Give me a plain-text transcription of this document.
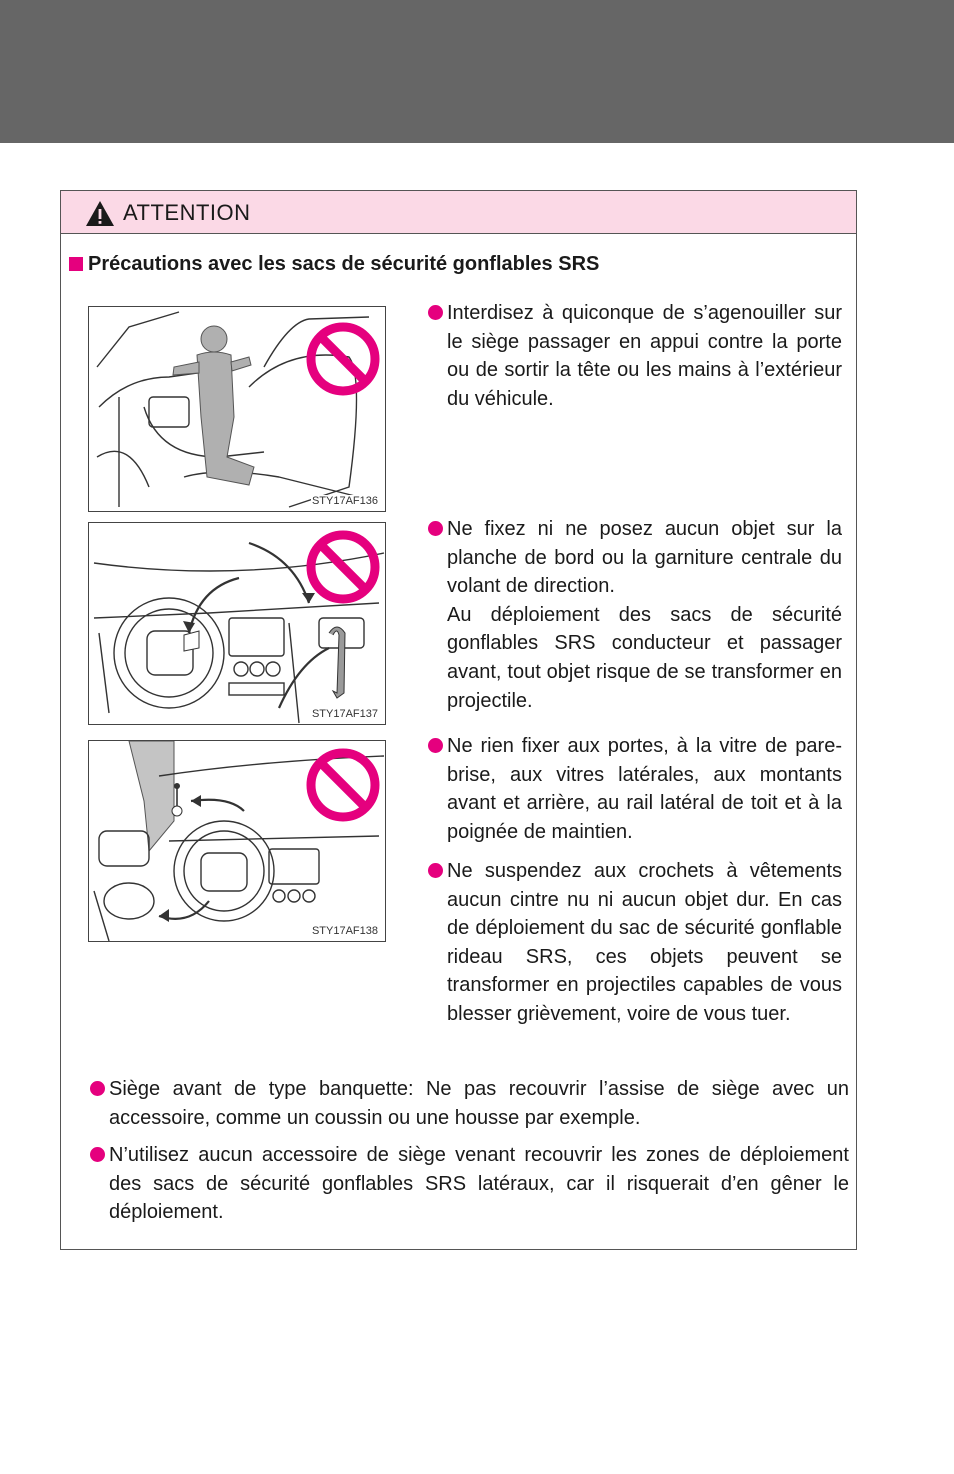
ATTENTION
Précautions avec les sacs de sécurité gonflables SRS
STY17AF136
STY17AF137
STY17AF138

Interdisez à quiconque de s’agenouiller sur le siège passager en appui contre la porte ou de sortir la tête ou les mains à l’extérieur du véhicule.

Ne fixez ni ne posez aucun objet sur la planche de bord ou la garniture centrale du volant de direction.

Au déploiement des sacs de sécurité gonflables SRS conducteur et passager avant, tout objet risque de se transformer en projectile.

Ne rien fixer aux portes, à la vitre de pare-brise, aux vitres latérales, aux montants avant et arrière, au rail latéral de toit et à la poignée de maintien.

Ne suspendez aux crochets à vêtements aucun cintre nu ni aucun objet dur. En cas de déploiement du sac de sécurité gonflable rideau SRS, ces objets peuvent se transformer en projectiles capables de vous blesser grièvement, voire de vous tuer.

Siège avant de type banquette: Ne pas recouvrir l’assise de siège avec un accessoire, comme un coussin ou une housse par exemple.

N’utilisez aucun accessoire de siège venant recouvrir les zones de déploiement des sacs de sécurité gonflables SRS latéraux, car il risquerait d’en gêner le déploiement.
